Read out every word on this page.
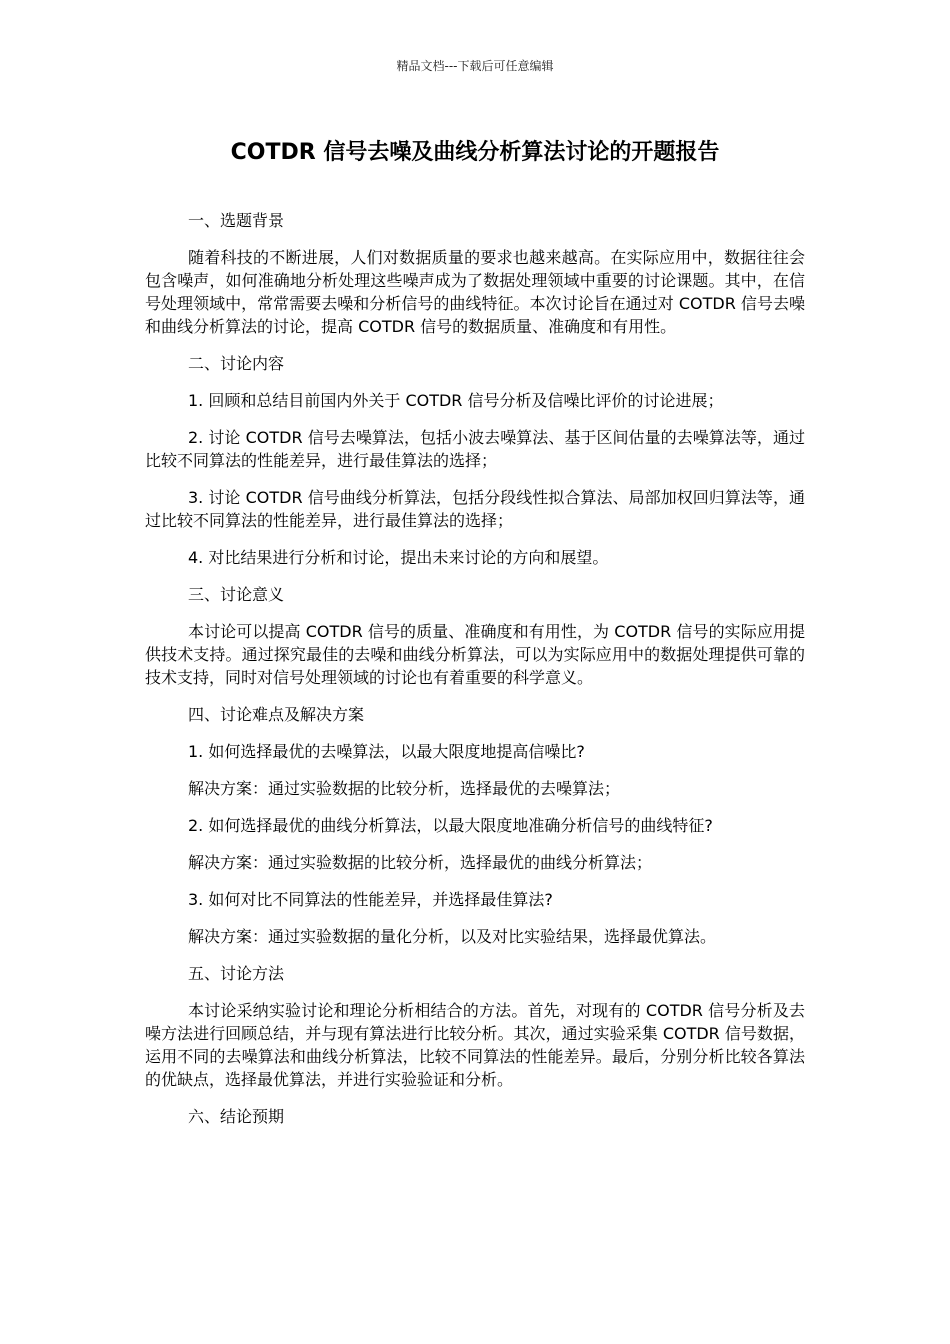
精品文档---下载后可任意编辑
COTDR 信号去噪及曲线分析算法讨论的开题报告

一、选题背景

随着科技的不断进展，人们对数据质量的要求也越来越高。在实际应用中，数据往往会包含噪声，如何准确地分析处理这些噪声成为了数据处理领域中重要的讨论课题。其中，在信号处理领域中，常常需要去噪和分析信号的曲线特征。本次讨论旨在通过对 COTDR 信号去噪和曲线分析算法的讨论，提高 COTDR 信号的数据质量、准确度和有用性。

二、讨论内容

1. 回顾和总结目前国内外关于 COTDR 信号分析及信噪比评价的讨论进展；

2. 讨论 COTDR 信号去噪算法，包括小波去噪算法、基于区间估量的去噪算法等，通过比较不同算法的性能差异，进行最佳算法的选择；

3. 讨论 COTDR 信号曲线分析算法，包括分段线性拟合算法、局部加权回归算法等，通过比较不同算法的性能差异，进行最佳算法的选择；

4. 对比结果进行分析和讨论，提出未来讨论的方向和展望。

三、讨论意义

本讨论可以提高 COTDR 信号的质量、准确度和有用性，为 COTDR 信号的实际应用提供技术支持。通过探究最佳的去噪和曲线分析算法，可以为实际应用中的数据处理提供可靠的技术支持，同时对信号处理领域的讨论也有着重要的科学意义。

四、讨论难点及解决方案

1. 如何选择最优的去噪算法，以最大限度地提高信噪比?

解决方案：通过实验数据的比较分析，选择最优的去噪算法；

2. 如何选择最优的曲线分析算法，以最大限度地准确分析信号的曲线特征?

解决方案：通过实验数据的比较分析，选择最优的曲线分析算法；

3. 如何对比不同算法的性能差异，并选择最佳算法?

解决方案：通过实验数据的量化分析，以及对比实验结果，选择最优算法。

五、讨论方法

本讨论采纳实验讨论和理论分析相结合的方法。首先，对现有的 COTDR 信号分析及去噪方法进行回顾总结，并与现有算法进行比较分析。其次，通过实验采集 COTDR 信号数据，运用不同的去噪算法和曲线分析算法，比较不同算法的性能差异。最后，分别分析比较各算法的优缺点，选择最优算法，并进行实验验证和分析。

六、结论预期
